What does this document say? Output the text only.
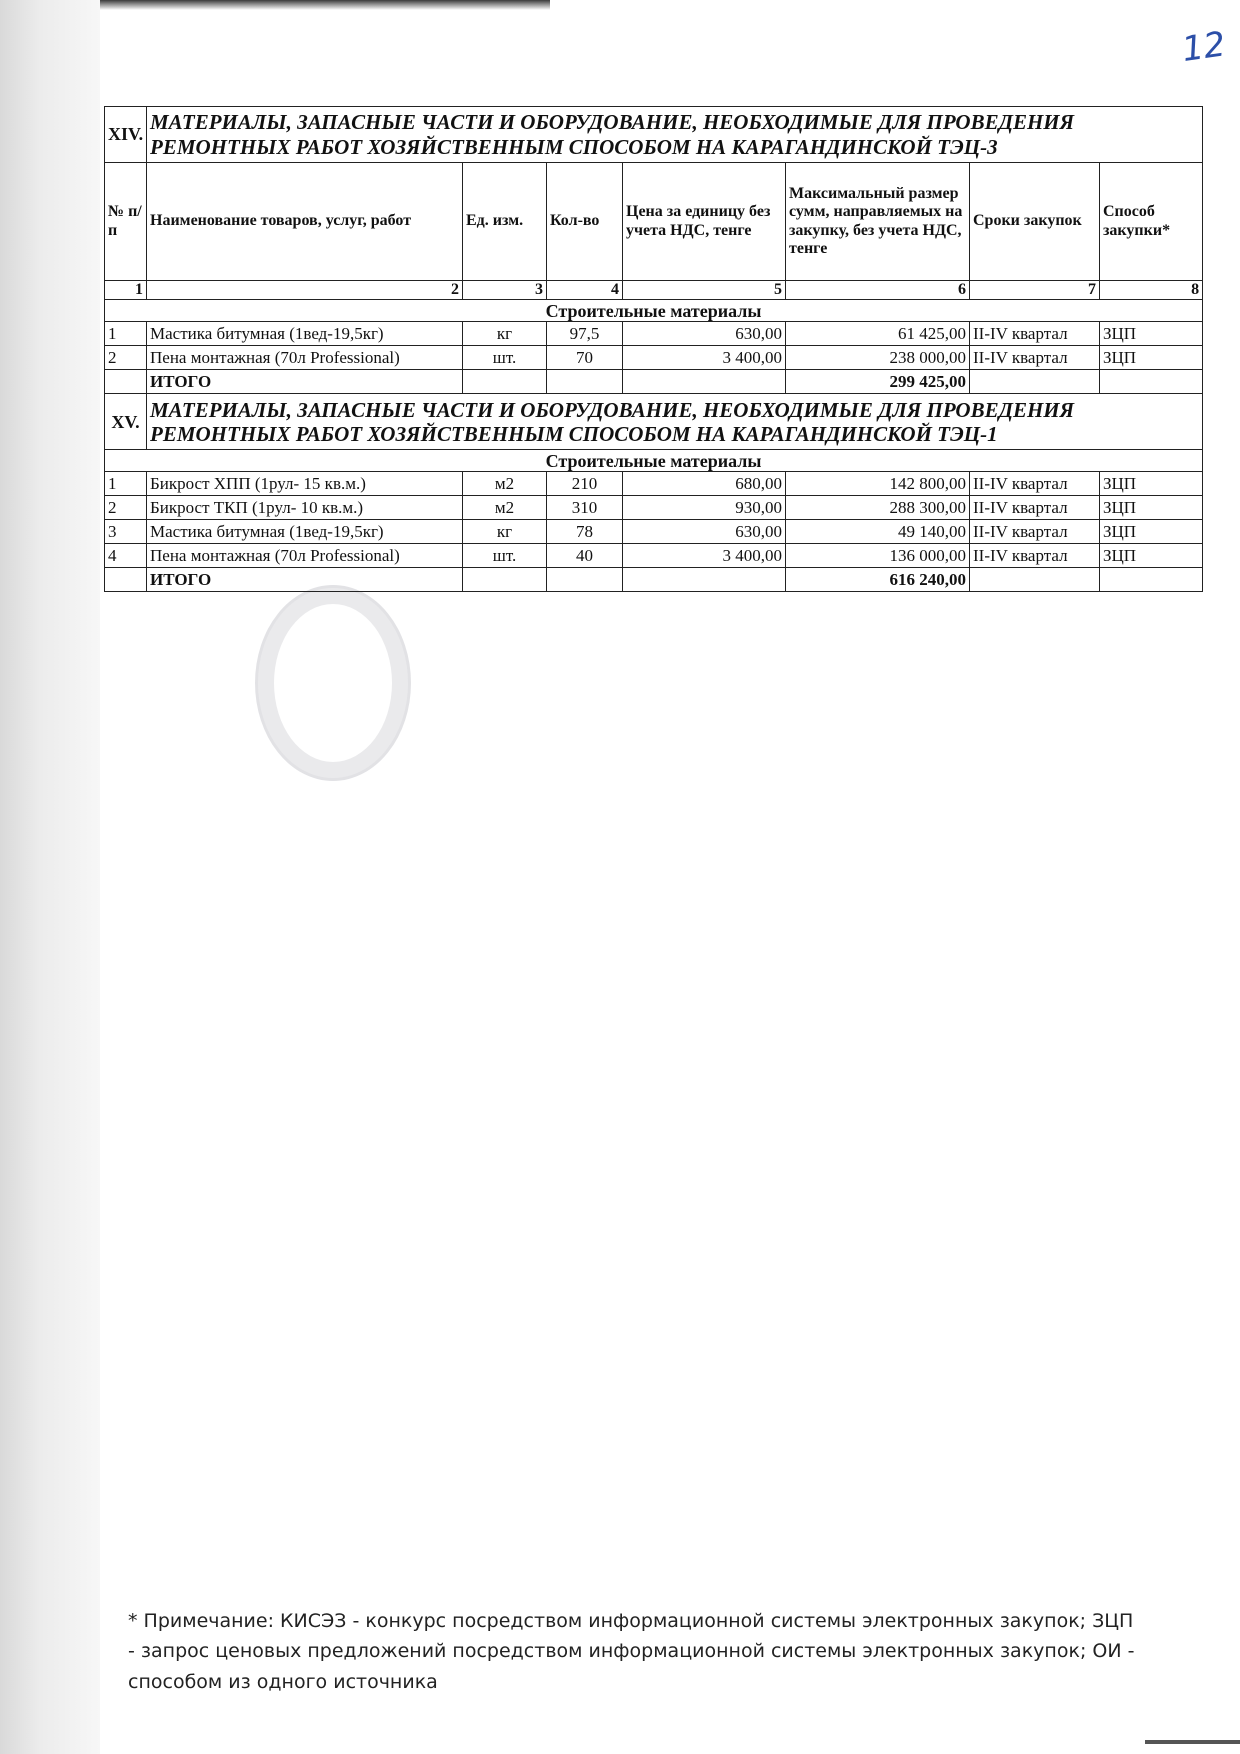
12
XIV.	МАТЕРИАЛЫ, ЗАПАСНЫЕ ЧАСТИ И ОБОРУДОВАНИЕ, НЕОБХОДИМЫЕ ДЛЯ ПРОВЕДЕНИЯ РЕМОНТНЫХ РАБОТ ХОЗЯЙСТВЕННЫМ СПОСОБОМ НА КАРАГАНДИНСКОЙ ТЭЦ-3						
№ п/п	Наименование товаров, услуг, работ	Ед. изм.	Кол-во	Цена за единицу без учета НДС, тенге	Максимальный размер сумм, направляемых на закупку, без учета НДС, тенге	Сроки закупок	Способ закупки*
1	2	3	4	5	6	7	8
Строительные материалы							
1	Мастика битумная (1вед-19,5кг)	кг	97,5	630,00	61 425,00	II-IV квартал	ЗЦП
2	Пена монтажная (70л Professional)	шт.	70	3 400,00	238 000,00	II-IV квартал	ЗЦП
	ИТОГО				299 425,00		
XV.	МАТЕРИАЛЫ, ЗАПАСНЫЕ ЧАСТИ И ОБОРУДОВАНИЕ, НЕОБХОДИМЫЕ ДЛЯ ПРОВЕДЕНИЯ РЕМОНТНЫХ РАБОТ ХОЗЯЙСТВЕННЫМ СПОСОБОМ НА КАРАГАНДИНСКОЙ ТЭЦ-1						
Строительные материалы							
1	Бикрост ХПП (1рул- 15 кв.м.)	м2	210	680,00	142 800,00	II-IV квартал	ЗЦП
2	Бикрост ТКП (1рул- 10 кв.м.)	м2	310	930,00	288 300,00	II-IV квартал	ЗЦП
3	Мастика битумная (1вед-19,5кг)	кг	78	630,00	49 140,00	II-IV квартал	ЗЦП
4	Пена монтажная (70л Professional)	шт.	40	3 400,00	136 000,00	II-IV квартал	ЗЦП
	ИТОГО				616 240,00		
* Примечание: КИСЭЗ - конкурс посредством информационной системы электронных закупок; ЗЦП - запрос ценовых предложений посредством информационной системы электронных закупок; ОИ - способом из одного источника
